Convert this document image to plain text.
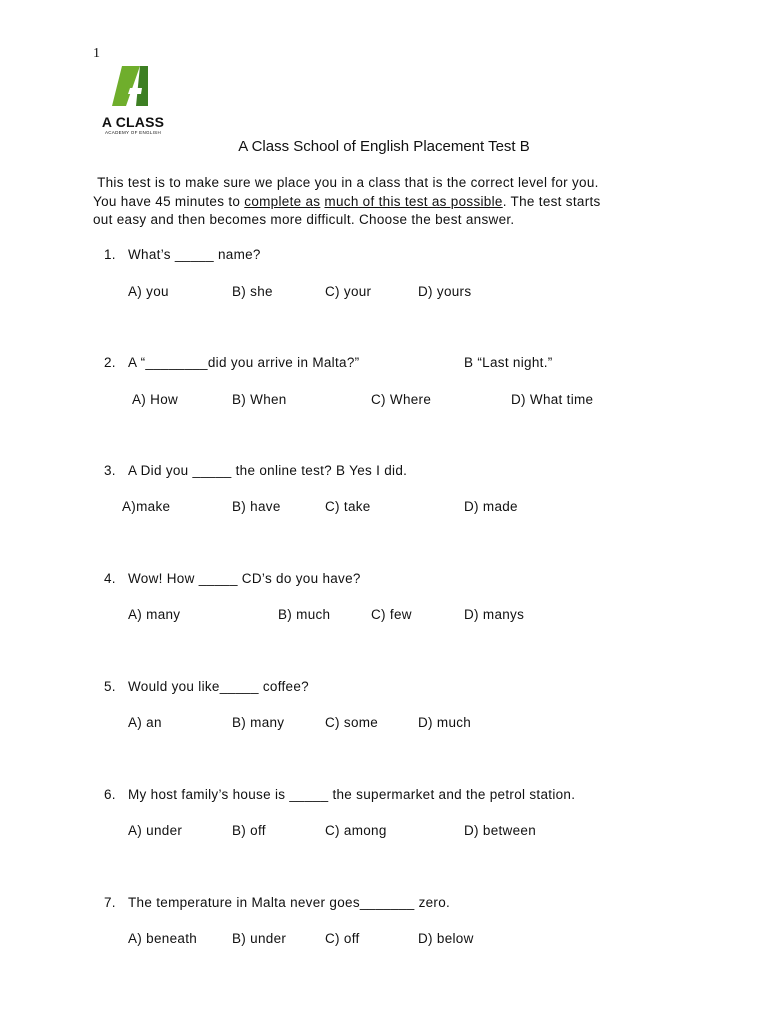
1
A CLASS
ACADEMY OF ENGLISH
A Class School of English Placement Test B

This test is to make sure we place you in a class that is the correct level for you.

You have 45 minutes to complete as much of this test as possible. The test starts

out easy and then becomes more difficult. Choose the best answer.

1. What’s _____ name?
A) you	B) she	C) your	D) yours
2. A “________did you arrive in Malta?”	B “Last night.”
A) How	B) When	C) Where	D) What time
3. A Did you _____ the online test? B Yes I did.
A)make	B) have	C) take	D) made
4. Wow! How _____ CD’s do you have?
A) many	B) much	C) few	D) manys
5. Would you like_____ coffee?
A) an	B) many	C) some	D) much
6. My host family’s house is _____ the supermarket and the petrol station.
A) under	B) off	C) among	D) between
7. The temperature in Malta never goes_______ zero.
A) beneath	B) under	C) off	D) below
